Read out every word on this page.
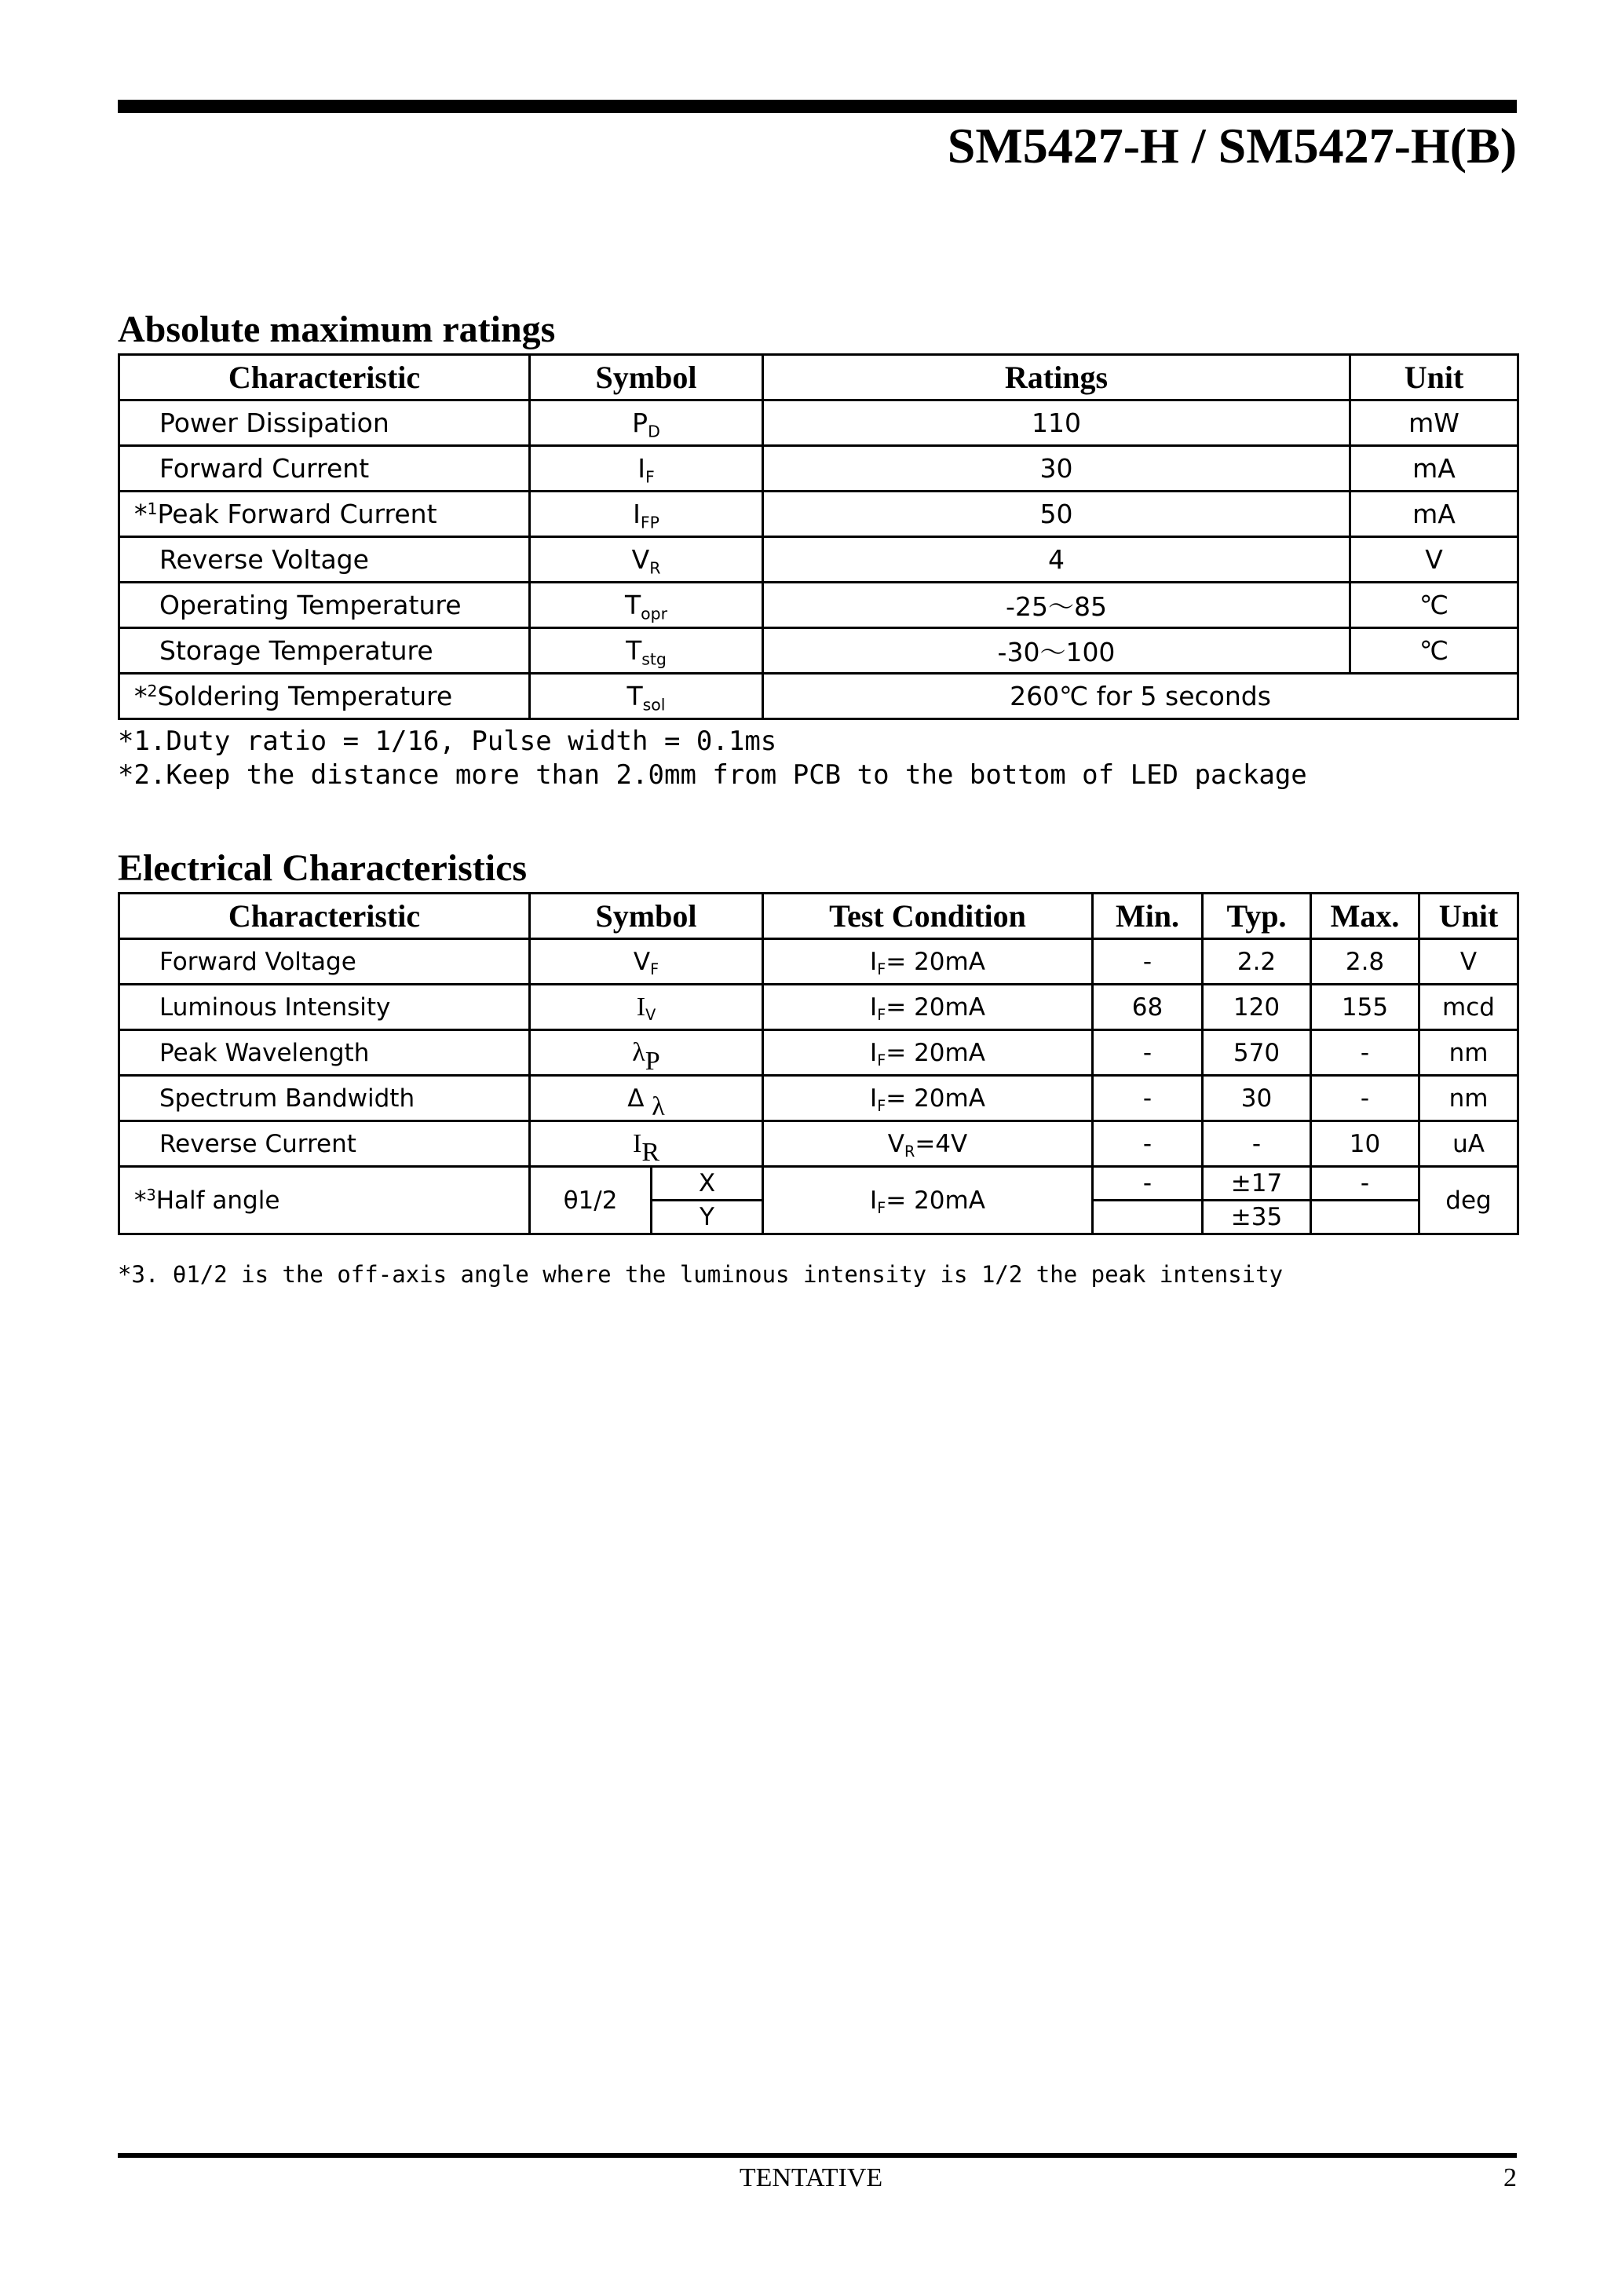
SM5427-H / SM5427-H(B)
Absolute maximum ratings
Characteristic	Symbol	Ratings	Unit
Power Dissipation	$P_D$	110	mW
Forward Current	$I_F$	30	mA
*$^1$Peak Forward Current	$I_{FP}$	50	mA
Reverse Voltage	$V_R$	4	V
Operating Temperature	$T_{opr}$	-25～85	℃
Storage Temperature	$T_{stg}$	-30～100	℃
*$^2$Soldering Temperature	$T_{sol}$	260℃ for 5 seconds	
*1.Duty ratio = 1/16, Pulse width = 0.1ms
*2.Keep the distance more than 2.0mm from PCB to the bottom of LED package
Electrical Characteristics
Characteristic	Symbol		Test Condition	Min.	Typ.	Max.	Unit
Forward Voltage	$V_F$		$I_F= 20mA$	-	2.2	2.8	V
Luminous Intensity	$I_V$		$I_F= 20mA$	68	120	155	mcd
Peak Wavelength	$\lambda_P$		$I_F= 20mA$	-	570	-	nm
Spectrum Bandwidth	Δ $_\lambda$		$I_F= 20mA$	-	30	-	nm
Reverse Current	$I_R$		$V_R=4V$	-	-	10	uA
*$^3$Half angle	θ1/2	X	$I_F= 20mA$	-	±17	-	deg
		Y			±35		
*3. θ1/2 is the off-axis angle where the luminous intensity is 1/2 the peak intensity
TENTATIVE	2
